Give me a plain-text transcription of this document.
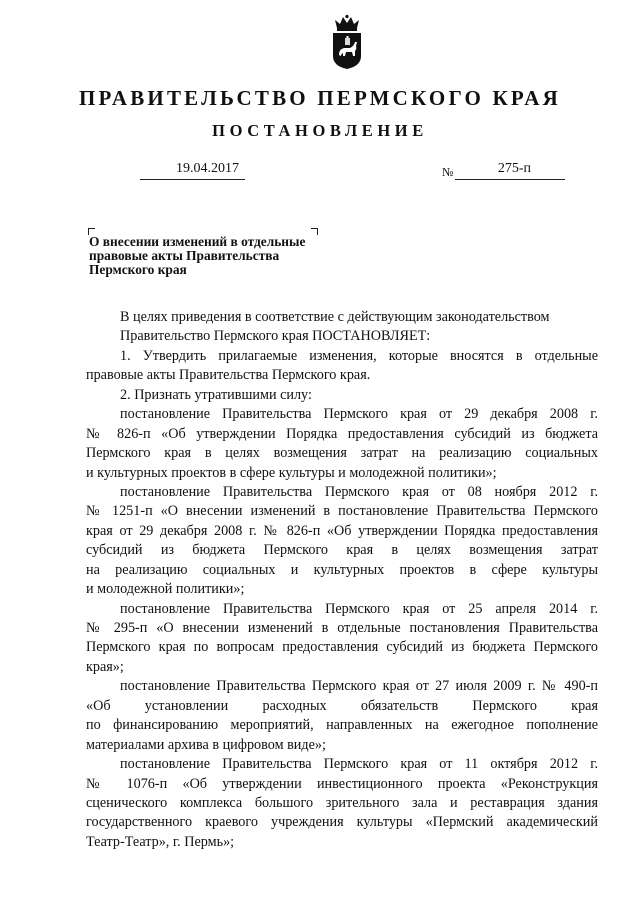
ПРАВИТЕЛЬСТВО ПЕРМСКОГО КРАЯ
ПОСТАНОВЛЕНИЕ
19.04.2017	№	275-п

О внесении изменений в отдельные
правовые акты Правительства
Пермского края

В целях приведения в соответствие с действующим законодательством
Правительство Пермского края ПОСТАНОВЛЯЕТ:
1. Утвердить прилагаемые изменения, которые вносятся в отдельные
правовые акты Правительства Пермского края.
2. Признать утратившими силу:
постановление Правительства Пермского края от 29 декабря 2008 г.
№ 826-п «Об утверждении Порядка предоставления субсидий из бюджета
Пермского края в целях возмещения затрат на реализацию социальных
и культурных проектов в сфере культуры и молодежной политики»;
постановление Правительства Пермского края от 08 ноября 2012 г.
№ 1251-п «О внесении изменений в постановление Правительства Пермского
края от 29 декабря 2008 г. № 826-п «Об утверждении Порядка предоставления
субсидий из бюджета Пермского края в целях возмещения затрат
на реализацию социальных и культурных проектов в сфере культуры
и молодежной политики»;
постановление Правительства Пермского края от 25 апреля 2014 г.
№ 295-п «О внесении изменений в отдельные постановления Правительства
Пермского края по вопросам предоставления субсидий из бюджета Пермского
края»;
постановление Правительства Пермского края от 27 июля 2009 г. № 490-п
«Об установлении расходных обязательств Пермского края
по финансированию мероприятий, направленных на ежегодное пополнение
материалами архива в цифровом виде»;
постановление Правительства Пермского края от 11 октября 2012 г.
№ 1076-п «Об утверждении инвестиционного проекта «Реконструкция
сценического комплекса большого зрительного зала и реставрация здания
государственного краевого учреждения культуры «Пермский академический
Театр-Театр», г. Пермь»;
